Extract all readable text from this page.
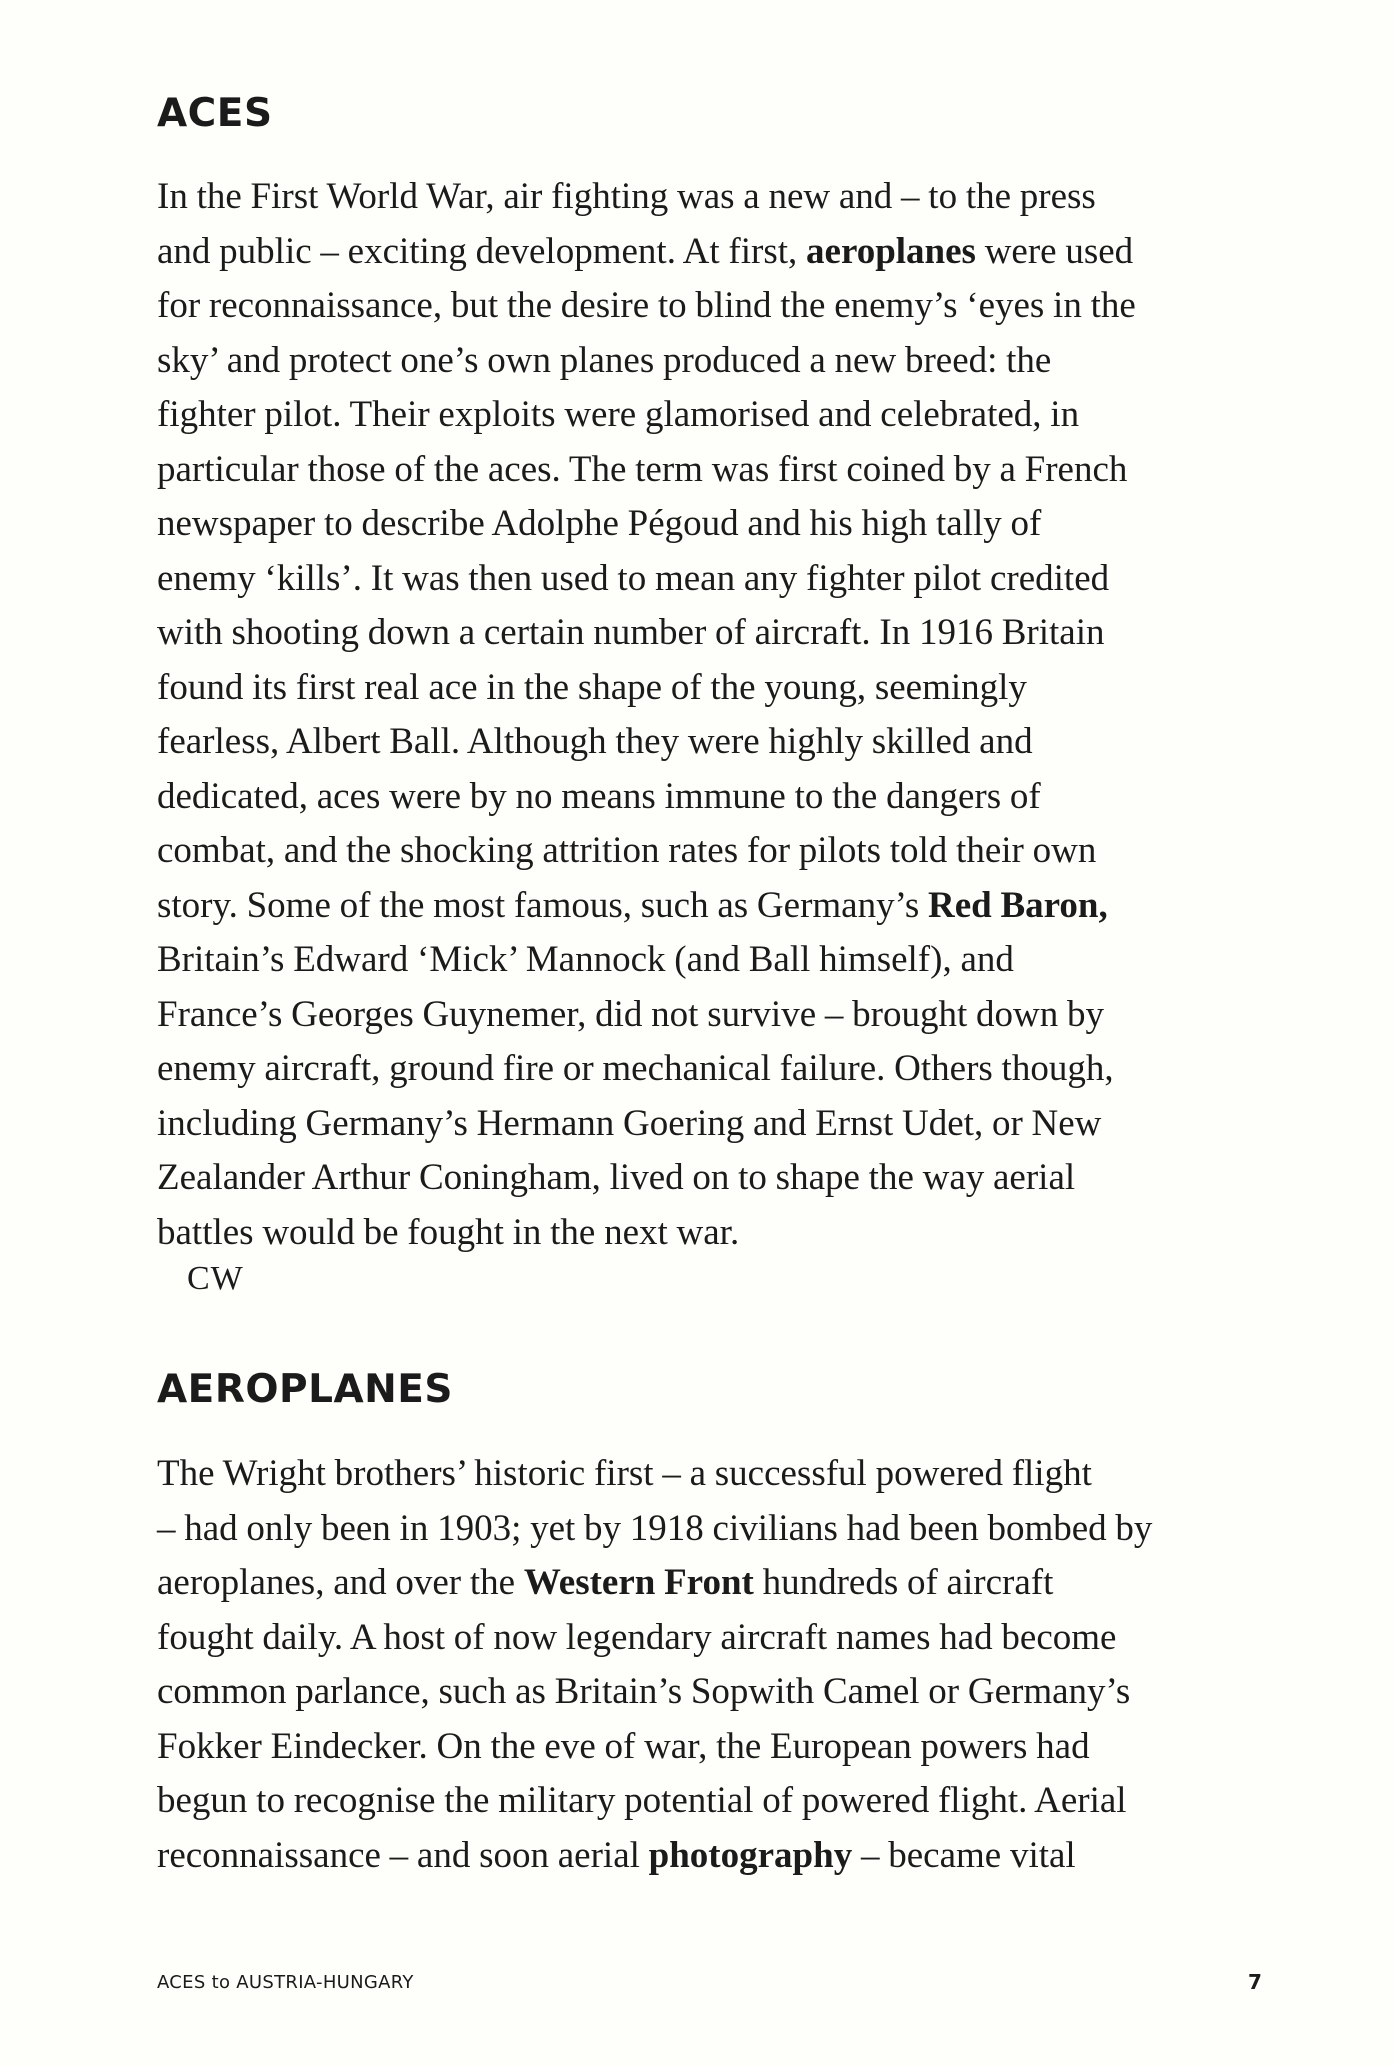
ACES

In the First World War, air fighting was a new and – to the press
and public – exciting development. At first, aeroplanes were used
for reconnaissance, but the desire to blind the enemy’s ‘eyes in the
sky’ and protect one’s own planes produced a new breed: the
fighter pilot. Their exploits were glamorised and celebrated, in
particular those of the aces. The term was first coined by a French
newspaper to describe Adolphe Pégoud and his high tally of
enemy ‘kills’. It was then used to mean any fighter pilot credited
with shooting down a certain number of aircraft. In 1916 Britain
found its first real ace in the shape of the young, seemingly
fearless, Albert Ball. Although they were highly skilled and
dedicated, aces were by no means immune to the dangers of
combat, and the shocking attrition rates for pilots told their own
story. Some of the most famous, such as Germany’s Red Baron,
Britain’s Edward ‘Mick’ Mannock (and Ball himself), and
France’s Georges Guynemer, did not survive – brought down by
enemy aircraft, ground fire or mechanical failure. Others though,
including Germany’s Hermann Goering and Ernst Udet, or New
Zealander Arthur Coningham, lived on to shape the way aerial
battles would be fought in the next war.

CW
AEROPLANES

The Wright brothers’ historic first – a successful powered flight
– had only been in 1903; yet by 1918 civilians had been bombed by
aeroplanes, and over the Western Front hundreds of aircraft
fought daily. A host of now legendary aircraft names had become
common parlance, such as Britain’s Sopwith Camel or Germany’s
Fokker Eindecker. On the eve of war, the European powers had
begun to recognise the military potential of powered flight. Aerial
reconnaissance – and soon aerial photography – became vital

ACES to AUSTRIA-HUNGARY	7
